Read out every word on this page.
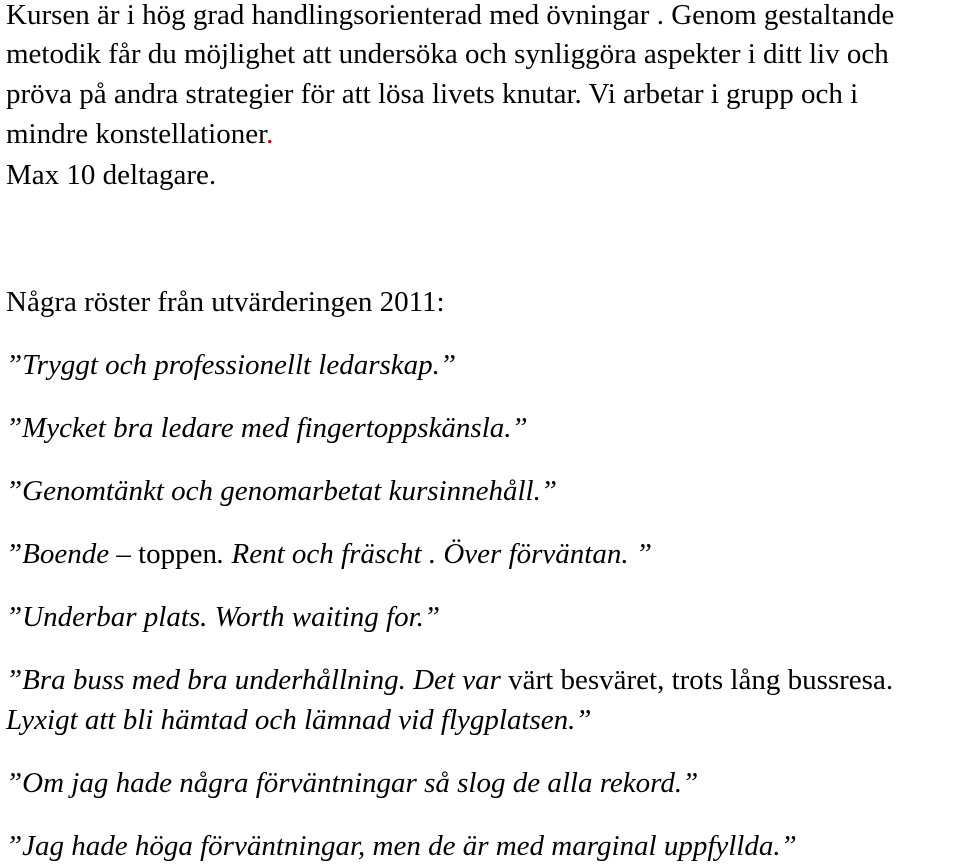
Kursen är i hög grad handlingsorienterad med övningar . Genom gestaltande
metodik får du möjlighet att undersöka och synliggöra aspekter i ditt liv och
pröva på andra strategier för att lösa livets knutar. Vi arbetar i grupp och i
mindre konstellationer.
Max 10 deltagare.
Några röster från utvärderingen 2011:
”Tryggt och professionellt ledarskap.”
”Mycket bra ledare med fingertoppskänsla.”
”Genomtänkt och genomarbetat kursinnehåll.”
”Boende – toppen. Rent och fräscht . Över förväntan. ”
”Underbar plats. Worth waiting for.”
”Bra buss med bra underhållning. Det var värt besväret, trots lång bussresa.
Lyxigt att bli hämtad och lämnad vid flygplatsen.”
”Om jag hade några förväntningar så slog de alla rekord.”
”Jag hade höga förväntningar, men de är med marginal uppfyllda.”
